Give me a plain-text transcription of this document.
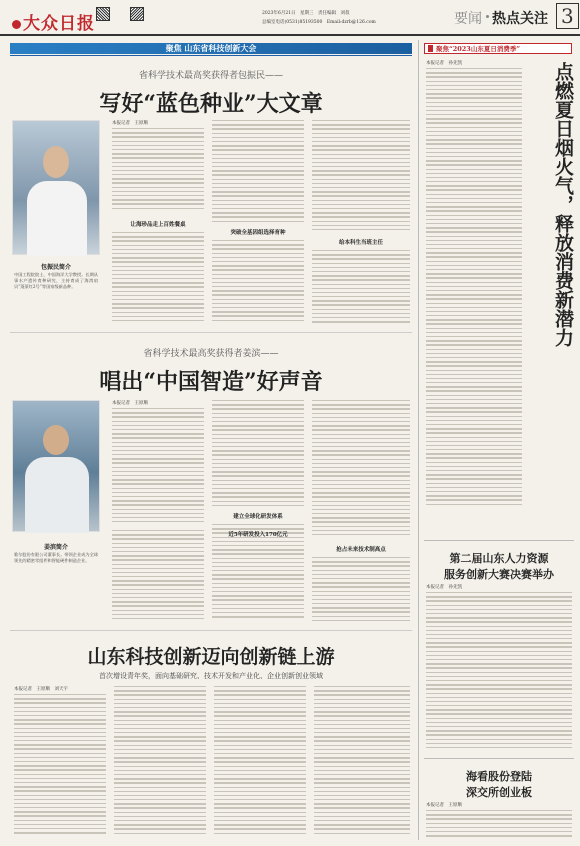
大众日报
2023年6月21日　星期三　责任编辑　刘叔
总编室电话(0531)85193500　Email:dzrb@126.com	要闻 热点关注 3
聚焦 山东省科技创新大会
省科学技术最高奖获得者包振民——
写好“蓝色种业”大文章
包振民简介
中国工程院院士，中国海洋大学教授。长期从事水产遗传育种研究，主持育成了海湾扇贝“蓬莱红2号”等国家级新品种。
本报记者　王原顺
让海珍品走上百姓餐桌
突破全基因组选择育种
给本科生当班主任
省科学技术最高奖获得者姜滨——
唱出“中国智造”好声音
本报记者　王原顺
建立全球化研发体系
抢占未来技术制高点
姜滨简介
歌尔股份有限公司董事长。带领企业成为全球领先的精密零组件和智能硬件制造企业。
近5年研发投入170亿元
山东科技创新迈向创新链上游
首次增设青年奖，面向基础研究、技术开发和产业化、企业创新创业领域
本报记者　王原顺　刘天宇
聚焦“2023山东夏日消费季”
本报记者　孙先凯	点燃夏日烟火气，释放消费新潜力
第二届山东人力资源
服务创新大赛决赛举办
本报记者　孙先凯
海看股份登陆
深交所创业板
本报记者　王原顺
